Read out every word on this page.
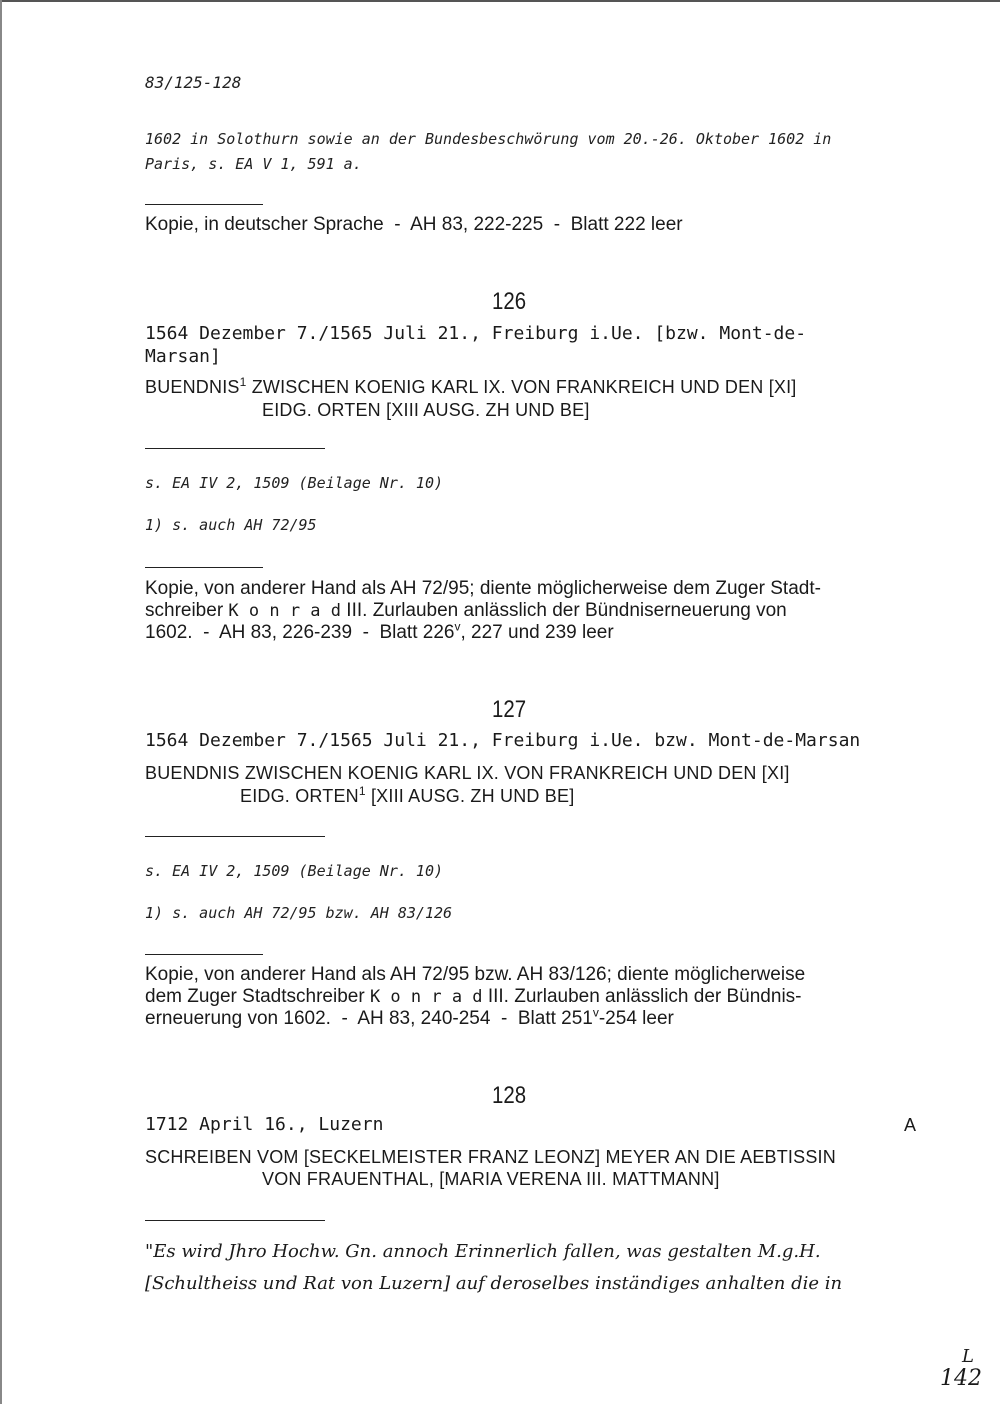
83/125-128
1602 in Solothurn sowie an der Bundesbeschwörung vom 20.-26. Oktober 1602 in
Paris, s. EA V 1, 591 a.
Kopie, in deutscher Sprache  -  AH 83, 222-225  -  Blatt 222 leer
126
1564 Dezember 7./1565 Juli 21., Freiburg i.Ue. [bzw. Mont-de-
Marsan]
BUENDNIS$^1$ ZWISCHEN KOENIG KARL IX. VON FRANKREICH UND DEN [XI]
EIDG. ORTEN [XIII AUSG. ZH UND BE]
s. EA IV 2, 1509 (Beilage Nr. 10)
1) s. auch AH 72/95
Kopie, von anderer Hand als AH 72/95; diente möglicherweise dem Zuger Stadt-
schreiber K o n r a d III. Zurlauben anlässlich der Bündniserneuerung von
1602.  -  AH 83, 226-239  -  Blatt 226$^v$, 227 und 239 leer
127
1564 Dezember 7./1565 Juli 21., Freiburg i.Ue. bzw. Mont-de-Marsan
BUENDNIS ZWISCHEN KOENIG KARL IX. VON FRANKREICH UND DEN [XI]
EIDG. ORTEN$^1$ [XIII AUSG. ZH UND BE]
s. EA IV 2, 1509 (Beilage Nr. 10)
1) s. auch AH 72/95 bzw. AH 83/126
Kopie, von anderer Hand als AH 72/95 bzw. AH 83/126; diente möglicherweise
dem Zuger Stadtschreiber K o n r a d III. Zurlauben anlässlich der Bündnis-
erneuerung von 1602.  -  AH 83, 240-254  -  Blatt 251$^v$-254 leer
128
1712 April 16., Luzern	A
SCHREIBEN VOM [SECKELMEISTER FRANZ LEONZ] MEYER AN DIE AEBTISSIN
VON FRAUENTHAL, [MARIA VERENA III. MATTMANN]
"Es wird Jhro Hochw. Gn. annoch Erinnerlich fallen, was gestalten M.g.H.
[Schultheiss und Rat von Luzern] auf deroselbes inständiges anhalten die in
L
142
